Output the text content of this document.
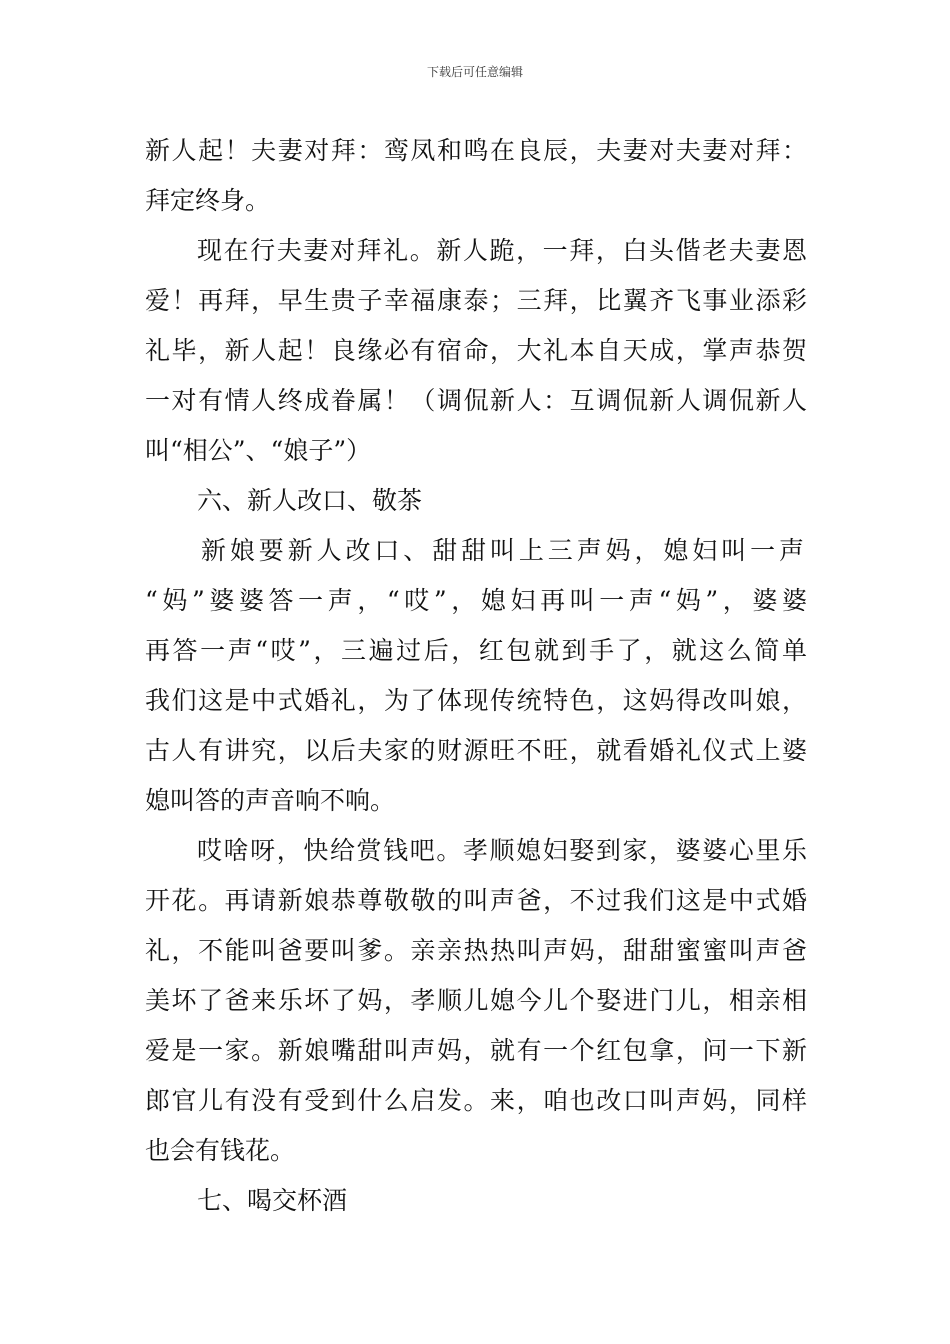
下载后可任意编辑
新人起！夫妻对拜：鸾凤和鸣在良辰，夫妻对夫妻对拜：
拜定终身。
现在行夫妻对拜礼。新人跪，一拜，白头偕老夫妻恩
爱！再拜，早生贵子幸福康泰；三拜，比翼齐飞事业添彩
礼毕，新人起！良缘必有宿命，大礼本自天成，掌声恭贺
一对有情人终成眷属！（调侃新人：互调侃新人调侃新人
叫“相公”、“娘子”）
六、新人改口、敬茶
新娘要新人改口、甜甜叫上三声妈，媳妇叫一声
“妈”婆婆答一声，“哎”，媳妇再叫一声“妈”，婆婆
再答一声“哎”，三遍过后，红包就到手了，就这么简单
我们这是中式婚礼，为了体现传统特色，这妈得改叫娘，
古人有讲究，以后夫家的财源旺不旺，就看婚礼仪式上婆
媳叫答的声音响不响。
哎啥呀，快给赏钱吧。孝顺媳妇娶到家，婆婆心里乐
开花。再请新娘恭尊敬敬的叫声爸，不过我们这是中式婚
礼，不能叫爸要叫爹。亲亲热热叫声妈，甜甜蜜蜜叫声爸
美坏了爸来乐坏了妈，孝顺儿媳今儿个娶进门儿，相亲相
爱是一家。新娘嘴甜叫声妈，就有一个红包拿，问一下新
郎官儿有没有受到什么启发。来，咱也改口叫声妈，同样
也会有钱花。
七、喝交杯酒
